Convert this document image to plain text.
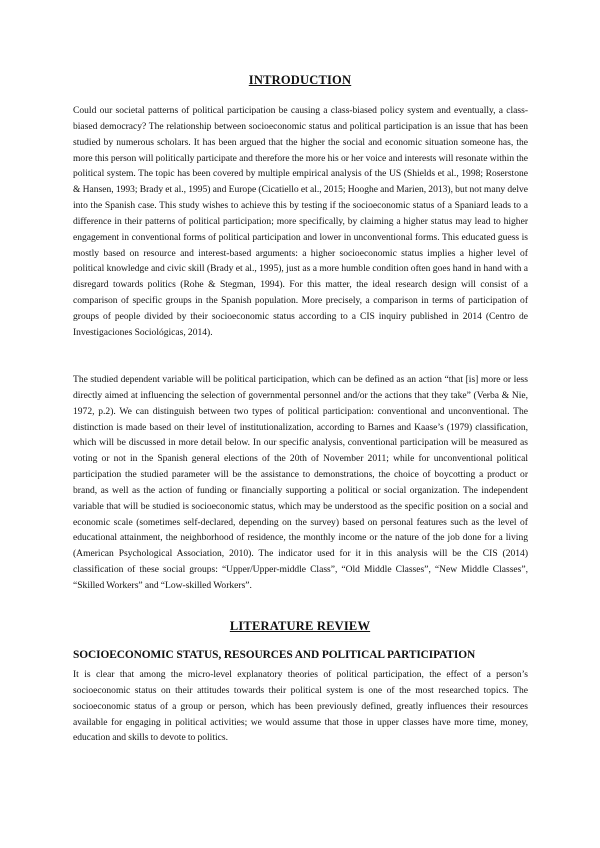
INTRODUCTION

Could our societal patterns of political participation be causing a class-biased policy system and eventually, a class-biased democracy? The relationship between socioeconomic status and political participation is an issue that has been studied by numerous scholars. It has been argued that the higher the social and economic situation someone has, the more this person will politically participate and therefore the more his or her voice and interests will resonate within the political system. The topic has been covered by multiple empirical analysis of the US (Shields et al., 1998; Roserstone & Hansen, 1993; Brady et al., 1995) and Europe (Cicatiello et al., 2015; Hooghe and Marien, 2013), but not many delve into the Spanish case. This study wishes to achieve this by testing if the socioeconomic status of a Spaniard leads to a difference in their patterns of political participation; more specifically, by claiming a higher status may lead to higher engagement in conventional forms of political participation and lower in unconventional forms. This educated guess is mostly based on resource and interest-based arguments: a higher socioeconomic status implies a higher level of political knowledge and civic skill (Brady et al., 1995), just as a more humble condition often goes hand in hand with a disregard towards politics (Rohe & Stegman, 1994). For this matter, the ideal research design will consist of a comparison of specific groups in the Spanish population. More precisely, a comparison in terms of participation of groups of people divided by their socioeconomic status according to a CIS inquiry published in 2014 (Centro de Investigaciones Sociológicas, 2014).

The studied dependent variable will be political participation, which can be defined as an action “that [is] more or less directly aimed at influencing the selection of governmental personnel and/or the actions that they take” (Verba & Nie, 1972, p.2). We can distinguish between two types of political participation: conventional and unconventional. The distinction is made based on their level of institutionalization, according to Barnes and Kaase’s (1979) classification, which will be discussed in more detail below. In our specific analysis, conventional participation will be measured as voting or not in the Spanish general elections of the 20th of November 2011; while for unconventional political participation the studied parameter will be the assistance to demonstrations, the choice of boycotting a product or brand, as well as the action of funding or financially supporting a political or social organization. The independent variable that will be studied is socioeconomic status, which may be understood as the specific position on a social and economic scale (sometimes self-declared, depending on the survey) based on personal features such as the level of educational attainment, the neighborhood of residence, the monthly income or the nature of the job done for a living (American Psychological Association, 2010). The indicator used for it in this analysis will be the CIS (2014) classification of these social groups: “Upper/Upper-middle Class”, “Old Middle Classes”, “New Middle Classes”, “Skilled Workers” and “Low-skilled Workers”.

LITERATURE REVIEW
SOCIOECONOMIC STATUS, RESOURCES AND POLITICAL PARTICIPATION

It is clear that among the micro-level explanatory theories of political participation, the effect of a person’s socioeconomic status on their attitudes towards their political system is one of the most researched topics. The socioeconomic status of a group or person, which has been previously defined, greatly influences their resources available for engaging in political activities; we would assume that those in upper classes have more time, money, education and skills to devote to politics.
